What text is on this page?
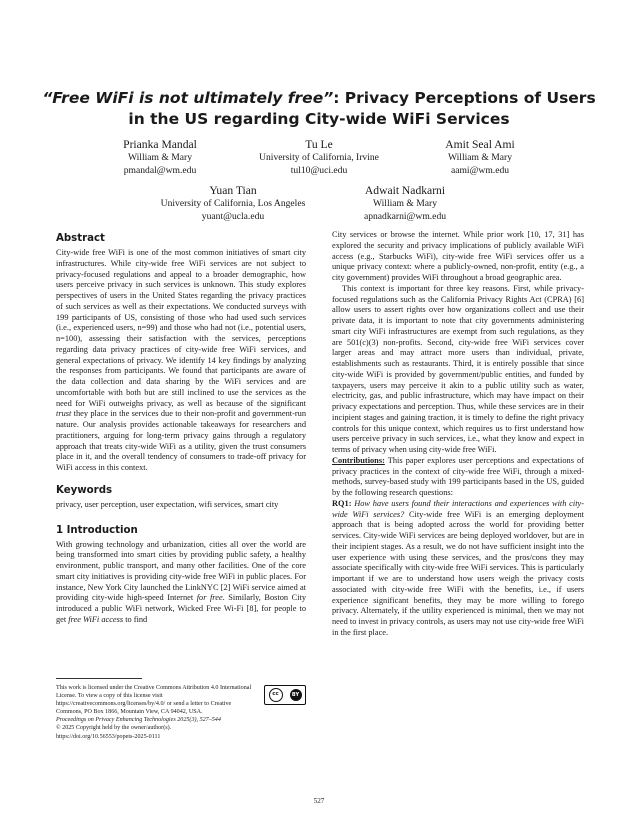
“Free WiFi is not ultimately free”: Privacy Perceptions of Users in the US regarding City-wide WiFi Services
Prianka Mandal
William & Mary
pmandal@wm.edu
Tu Le
University of California, Irvine
tul10@uci.edu
Amit Seal Ami
William & Mary
aami@wm.edu
Yuan Tian
University of California, Los Angeles
yuant@ucla.edu
Adwait Nadkarni
William & Mary
apnadkarni@wm.edu
Abstract

City-wide free WiFi is one of the most common initiatives of smart city infrastructures. While city-wide free WiFi services are not subject to privacy-focused regulations and appeal to a broader demographic, how users perceive privacy in such services is unknown. This study explores perspectives of users in the United States regarding the privacy practices of such services as well as their expectations. We conducted surveys with 199 participants of US, consisting of those who had used such services (i.e., experienced users, n=99) and those who had not (i.e., potential users, n=100), assessing their satisfaction with the services, perceptions regarding data privacy practices of city-wide free WiFi services, and general expectations of privacy. We identify 14 key findings by analyzing the responses from participants. We found that participants are aware of the data collection and data sharing by the WiFi services and are uncomfortable with both but are still inclined to use the services as the need for WiFi outweighs privacy, as well as because of the significant trust they place in the services due to their non-profit and government-run nature. Our analysis provides actionable takeaways for researchers and practitioners, arguing for long-term privacy gains through a regulatory approach that treats city-wide WiFi as a utility, given the trust consumers place in it, and the overall tendency of consumers to trade-off privacy for WiFi access in this context.

Keywords

privacy, user perception, user expectation, wifi services, smart city

1 Introduction

With growing technology and urbanization, cities all over the world are being transformed into smart cities by providing public safety, a healthy environment, public transport, and many other facilities. One of the core smart city initiatives is providing city-wide free WiFi in public places. For instance, New York City launched the LinkNYC [2] WiFi service aimed at providing city-wide high-speed Internet for free. Similarly, Boston City introduced a public WiFi network, Wicked Free Wi-Fi [8], for people to get free WiFi access to find

City services or browse the internet. While prior work [10, 17, 31] has explored the security and privacy implications of publicly available WiFi access (e.g., Starbucks WiFi), city-wide free WiFi services offer us a unique privacy context: where a publicly-owned, non-profit, entity (e.g., a city government) provides WiFi throughout a broad geographic area.

This context is important for three key reasons. First, while privacy-focused regulations such as the California Privacy Rights Act (CPRA) [6] allow users to assert rights over how organizations collect and use their private data, it is important to note that city governments administering smart city WiFi infrastructures are exempt from such regulations, as they are 501(c)(3) non-profits. Second, city-wide free WiFi services cover larger areas and may attract more users than individual, private, establishments such as restaurants. Third, it is entirely possible that since city-wide WiFi is provided by government/public entities, and funded by taxpayers, users may perceive it akin to a public utility such as water, electricity, gas, and public infrastructure, which may have impact on their privacy expectations and perception. Thus, while these services are in their incipient stages and gaining traction, it is timely to define the right privacy controls for this unique context, which requires us to first understand how users perceive privacy in such services, i.e., what they know and expect in terms of privacy when using city-wide free WiFi.

Contributions: This paper explores user perceptions and expectations of privacy practices in the context of city-wide free WiFi, through a mixed-methods, survey-based study with 199 participants based in the US, guided by the following research questions:

RQ1: How have users found their interactions and experiences with city-wide WiFi services? City-wide free WiFi is an emerging deployment approach that is being adopted across the world for providing better services. City-wide WiFi services are being deployed worldover, but are in their incipient stages. As a result, we do not have sufficient insight into the user experience with using these services, and the pros/cons they may associate specifically with city-wide free WiFi services. This is particularly important if we are to understand how users weigh the privacy costs associated with city-wide free WiFi with the benefits, i.e., if users experience significant benefits, they may be more willing to forego privacy. Alternately, if the utility experienced is minimal, then we may not need to invest in privacy controls, as users may not use city-wide free WiFi in the first place.

This work is licensed under the Creative Commons Attribution 4.0 International License. To view a copy of this license visit https://creativecommons.org/licenses/by/4.0/ or send a letter to Creative Commons, PO Box 1866, Mountain View, CA 94042, USA.
cc	BY
Proceedings on Privacy Enhancing Technologies 2025(3), 527–544
© 2025 Copyright held by the owner/author(s).
https://doi.org/10.56553/popets-2025-0111
527
